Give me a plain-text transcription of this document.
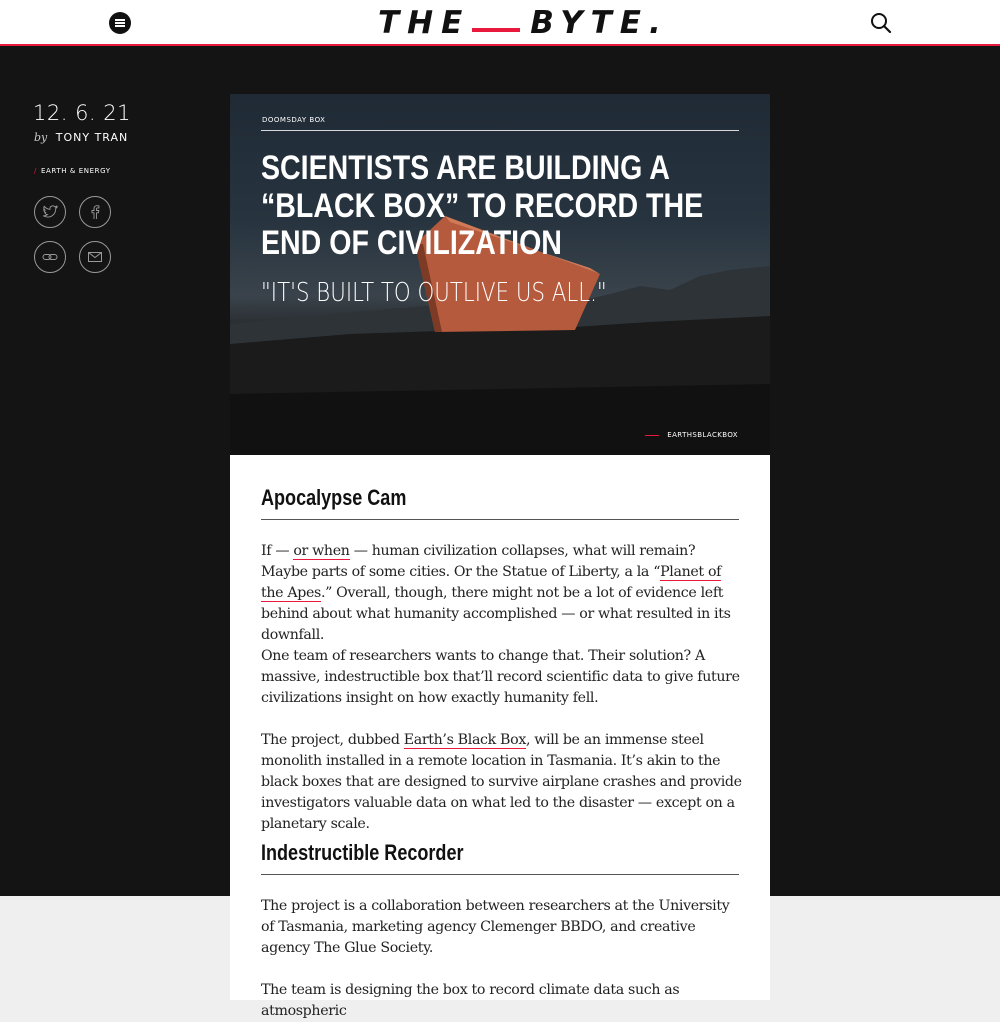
THE BYTE.
12. 6. 21
by TONY TRAN
/ EARTH & ENERGY
DOOMSDAY BOX
SCIENTISTS ARE BUILDING A “BLACK BOX” TO RECORD THE END OF CIVILIZATION
"IT'S BUILT TO OUTLIVE US ALL."
EARTHSBLACKBOX
Apocalypse Cam

If — or when — human civilization collapses, what will remain? Maybe parts of some cities. Or the Statue of Liberty, a la “Planet of the Apes.” Overall, though, there might not be a lot of evidence left behind about what humanity accomplished — or what resulted in its downfall.

One team of researchers wants to change that. Their solution? A massive, indestructible box that’ll record scientific data to give future civilizations insight on how exactly humanity fell.

The project, dubbed Earth’s Black Box, will be an immense steel monolith installed in a remote location in Tasmania. It’s akin to the black boxes that are designed to survive airplane crashes and provide investigators valuable data on what led to the disaster — except on a planetary scale.

Indestructible Recorder

The project is a collaboration between researchers at the University of Tasmania, marketing agency Clemenger BBDO, and creative agency The Glue Society.

The team is designing the box to record climate data such as atmospheric
